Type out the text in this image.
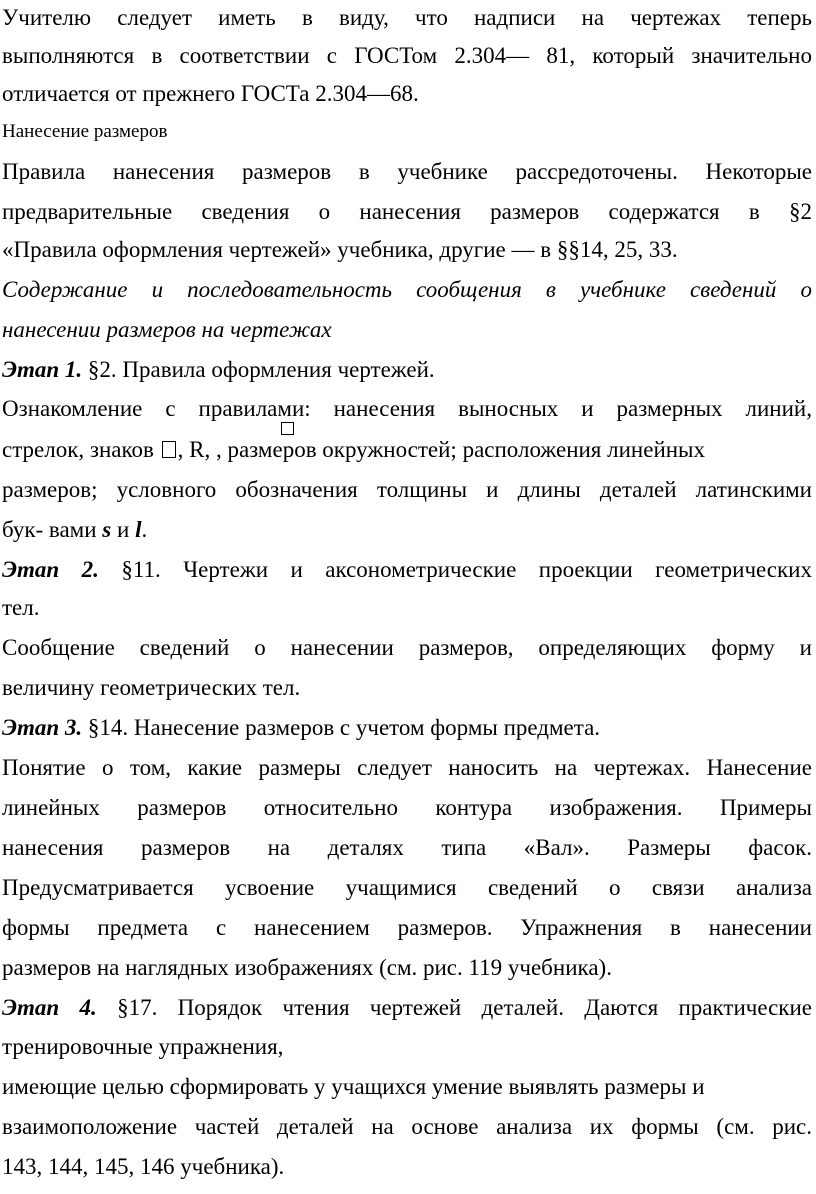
Учителю следует иметь в виду, что надписи на чертежах теперь
выполняются в соответствии с ГОСТом 2.304— 81, который значительно
отличается от прежнего ГОСТа 2.304—68.
Нанесение размеров
Правила нанесения размеров в учебнике рассредоточены. Некоторые
предварительные сведения о нанесения размеров содержатся в §2
«Правила оформления чертежей» учебника, другие — в §§14, 25, 33.
Содержание и последовательность сообщения в учебнике сведений о
нанесении размеров на чертежах
Этап 1. §2. Правила оформления чертежей.
Ознакомление с правилами: нанесения выносных и размерных линий,
стрелок, знаков , R, , размеров окружностей; расположения линейных
размеров; условного обозначения толщины и длины деталей латинскими
бук- вами s и l.
Этап 2. §11. Чертежи и аксонометрические проекции геометрических
тел.
Сообщение сведений о нанесении размеров, определяющих форму и
величину геометрических тел.
Этап 3. §14. Нанесение размеров с учетом формы предмета.
Понятие о том, какие размеры следует наносить на чертежах. Нанесение
линейных размеров относительно контура изображения. Примеры
нанесения размеров на деталях типа «Вал». Размеры фасок.
Предусматривается усвоение учащимися сведений о связи анализа
формы предмета с нанесением размеров. Упражнения в нанесении
размеров на наглядных изображениях (см. рис. 119 учебника).
Этап 4. §17. Порядок чтения чертежей деталей. Даются практические
тренировочные упражнения,
имеющие целью сформировать у учащихся умение выявлять размеры и
взаимоположение частей деталей на основе анализа их формы (см. рис.
143, 144, 145, 146 учебника).
